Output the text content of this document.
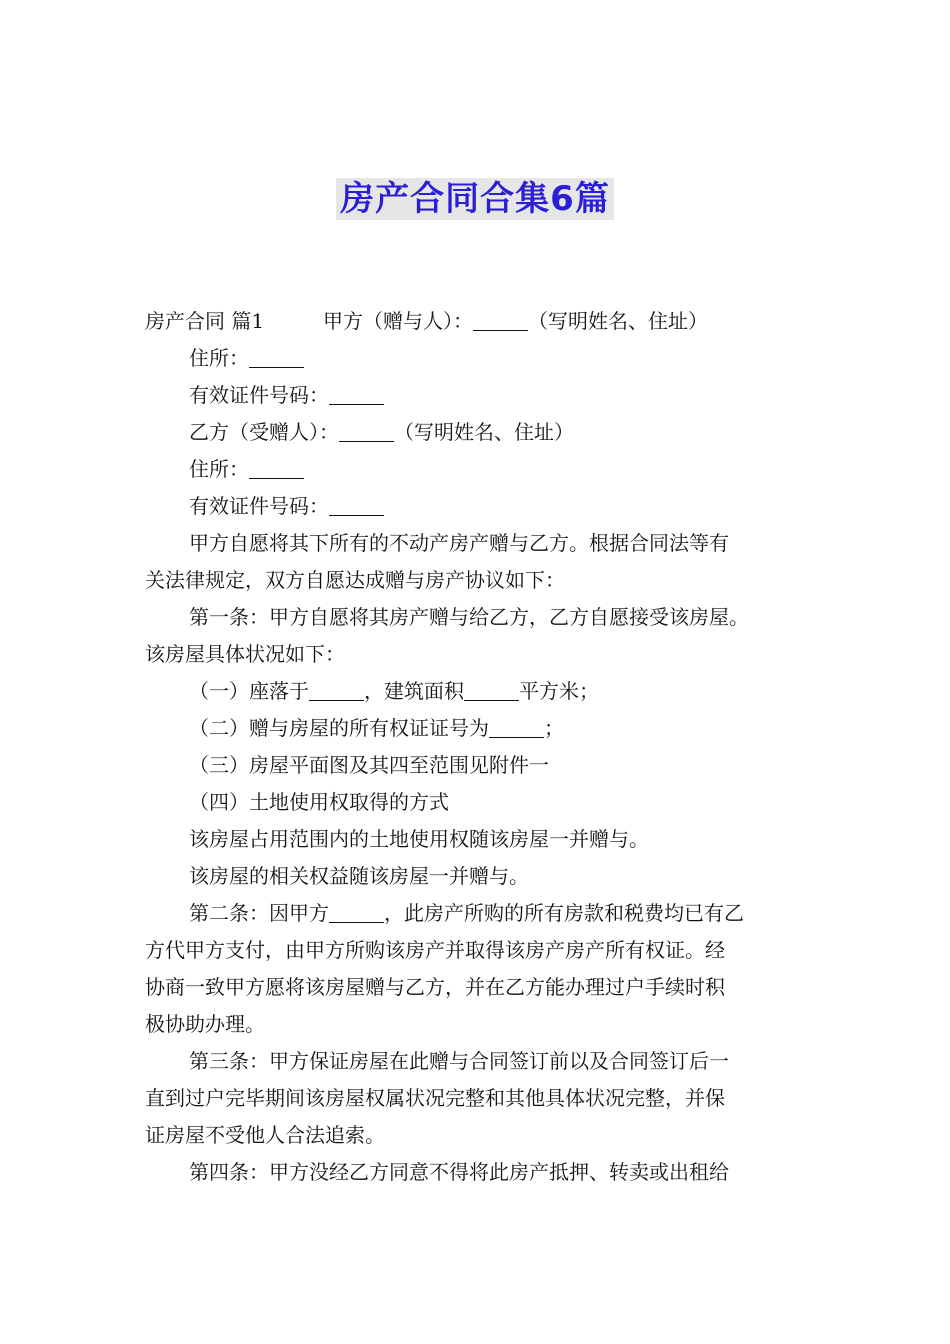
房产合同合集6篇
房产合同 篇1	甲方（赠与人）：	（写明姓名、住址）
住所：
有效证件号码：
乙方（受赠人）：	（写明姓名、住址）
住所：
有效证件号码：
甲方自愿将其下所有的不动产房产赠与乙方。根据合同法等有
关法律规定，双方自愿达成赠与房产协议如下：
第一条：甲方自愿将其房产赠与给乙方，乙方自愿接受该房屋。
该房屋具体状况如下：
（一）座落于	，建筑面积	平方米；
（二）赠与房屋的所有权证证号为	；
（三）房屋平面图及其四至范围见附件一
（四）土地使用权取得的方式
该房屋占用范围内的土地使用权随该房屋一并赠与。
该房屋的相关权益随该房屋一并赠与。
第二条：因甲方	，此房产所购的所有房款和税费均已有乙
方代甲方支付，由甲方所购该房产并取得该房产房产所有权证。经
协商一致甲方愿将该房屋赠与乙方，并在乙方能办理过户手续时积
极协助办理。
第三条：甲方保证房屋在此赠与合同签订前以及合同签订后一
直到过户完毕期间该房屋权属状况完整和其他具体状况完整，并保
证房屋不受他人合法追索。
第四条：甲方没经乙方同意不得将此房产抵押、转卖或出租给
